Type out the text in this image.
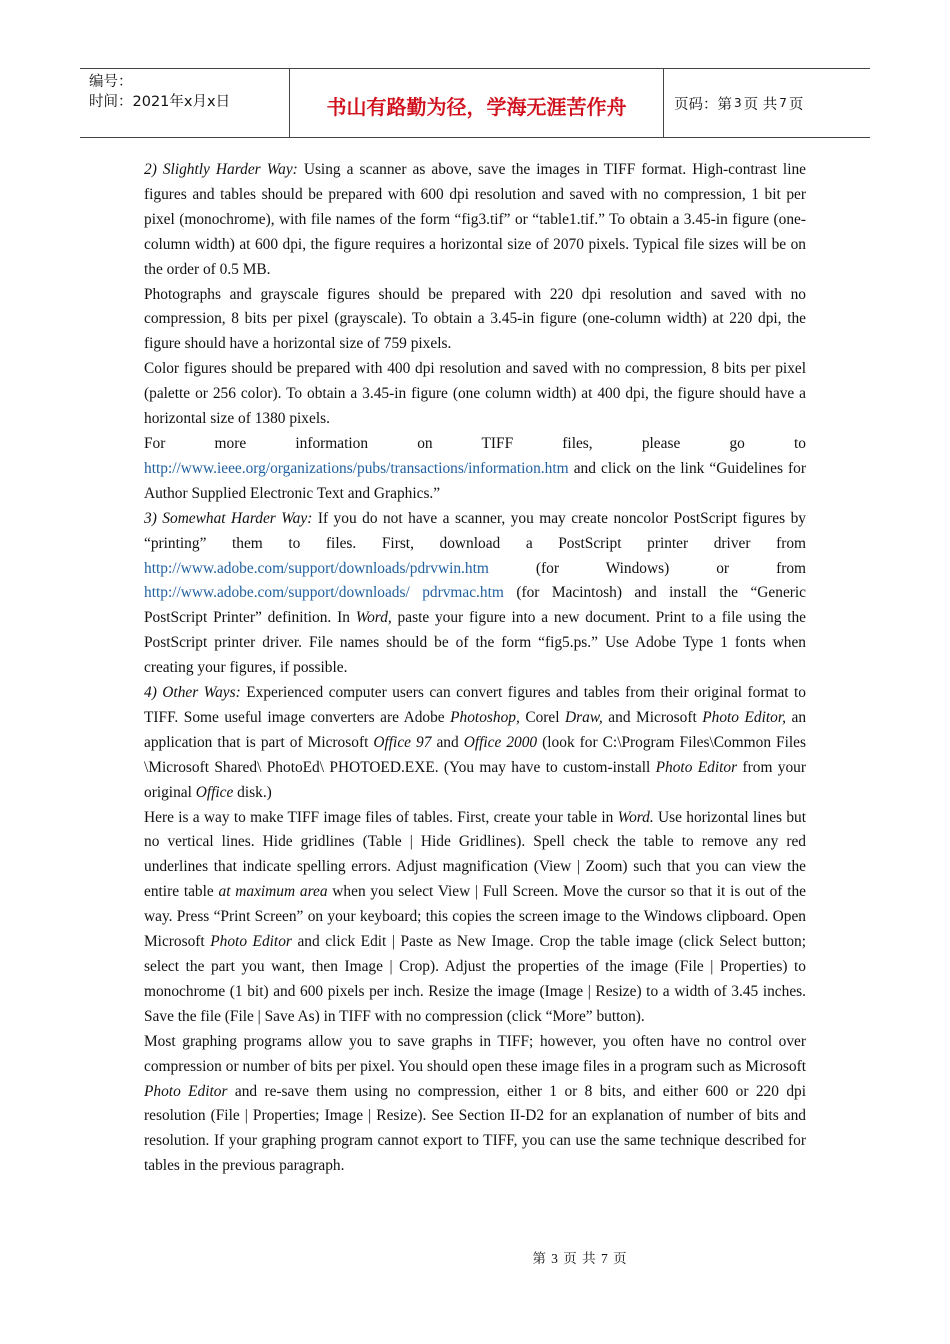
编号：
时间：2021年x月x日	书山有路勤为径，学海无涯苦作舟	页码：第 3 页 共 7 页

2) Slightly Harder Way: Using a scanner as above, save the images in TIFF format. High-contrast line figures and tables should be prepared with 600 dpi resolution and saved with no compression, 1 bit per pixel (monochrome), with file names of the form “fig3.tif” or “table1.tif.” To obtain a 3.45-in figure (one-column width) at 600 dpi, the figure requires a horizontal size of 2070 pixels. Typical file sizes will be on the order of 0.5 MB.

Photographs and grayscale figures should be prepared with 220 dpi resolution and saved with no compression, 8 bits per pixel (grayscale). To obtain a 3.45-in figure (one-column width) at 220 dpi, the figure should have a horizontal size of 759 pixels.

Color figures should be prepared with 400 dpi resolution and saved with no compression, 8 bits per pixel (palette or 256 color). To obtain a 3.45-in figure (one column width) at 400 dpi, the figure should have a horizontal size of 1380 pixels.

For more information on TIFF files, please go to

http://www.ieee.org/organizations/pubs/transactions/information.htm and click on the link “Guidelines for Author Supplied Electronic Text and Graphics.”

3) Somewhat Harder Way: If you do not have a scanner, you may create noncolor PostScript figures by “printing” them to files. First, download a PostScript printer driver from http://www.adobe.com/support/downloads/pdrvwin.htm (for Windows) or from http://www.adobe.com/support/downloads/ pdrvmac.htm (for Macintosh) and install the “Generic PostScript Printer” definition. In Word, paste your figure into a new document. Print to a file using the PostScript printer driver. File names should be of the form “fig5.ps.” Use Adobe Type 1 fonts when creating your figures, if possible.

4) Other Ways: Experienced computer users can convert figures and tables from their original format to TIFF. Some useful image converters are Adobe Photoshop, Corel Draw, and Microsoft Photo Editor, an application that is part of Microsoft Office 97 and Office 2000 (look for C:\Program Files\Common Files \Microsoft Shared\ PhotoEd\ PHOTOED.EXE. (You may have to custom-install Photo Editor from your original Office disk.)

Here is a way to make TIFF image files of tables. First, create your table in Word. Use horizontal lines but no vertical lines. Hide gridlines (Table | Hide Gridlines). Spell check the table to remove any red underlines that indicate spelling errors. Adjust magnification (View | Zoom) such that you can view the entire table at maximum area when you select View | Full Screen. Move the cursor so that it is out of the way. Press “Print Screen” on your keyboard; this copies the screen image to the Windows clipboard. Open Microsoft Photo Editor and click Edit | Paste as New Image. Crop the table image (click Select button; select the part you want, then Image | Crop). Adjust the properties of the image (File | Properties) to monochrome (1 bit) and 600 pixels per inch. Resize the image (Image | Resize) to a width of 3.45 inches. Save the file (File | Save As) in TIFF with no compression (click “More” button).

Most graphing programs allow you to save graphs in TIFF; however, you often have no control over compression or number of bits per pixel. You should open these image files in a program such as Microsoft Photo Editor and re-save them using no compression, either 1 or 8 bits, and either 600 or 220 dpi resolution (File | Properties; Image | Resize). See Section II-D2 for an explanation of number of bits and resolution. If your graphing program cannot export to TIFF, you can use the same technique described for tables in the previous paragraph.

第 3 页 共 7 页
